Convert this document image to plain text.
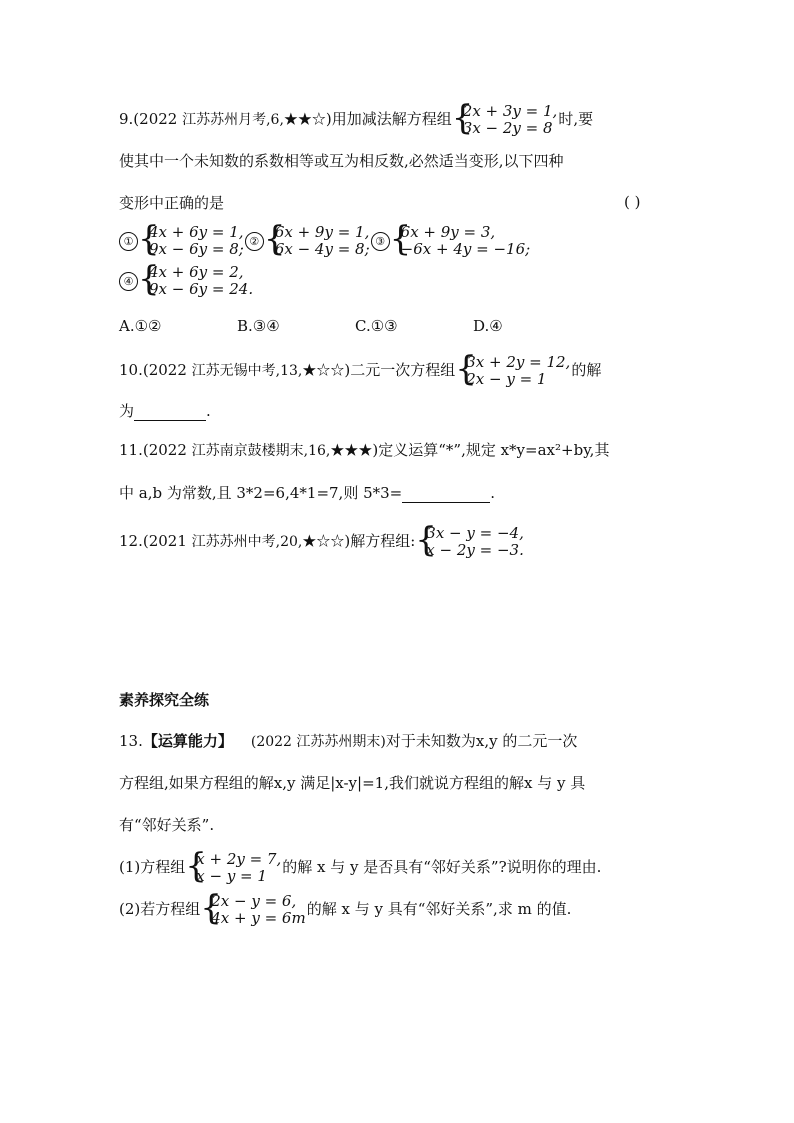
9.(2022 江苏苏州月考,6,★★☆)用加减法解方程组 { 2x + 3y = 1,
3x − 2y = 8 时,要
使其中一个未知数的系数相等或互为相反数,必然适当变形,以下四种
变形中正确的是	( )
① { 4x + 6y = 1,
9x − 6y = 8; ② { 6x + 9y = 1,
6x − 4y = 8; ③ { 6x + 9y = 3,
−6x + 4y = −16;
④ { 4x + 6y = 2,
9x − 6y = 24.
A.①②	B.③④	C.①③	D.④
10.(2022 江苏无锡中考,13,★☆☆)二元一次方程组 { 3x + 2y = 12,
2x − y = 1	的解
为	.
11.(2022 江苏南京鼓楼期末,16,★★★)定义运算“*”,规定 x*y=ax²+by,其
中 a,b 为常数,且 3*2=6,4*1=7,则 5*3=	.
12.(2021 江苏苏州中考,20,★☆☆)解方程组: { 3x − y = −4,
x − 2y = −3.
素养探究全练
13.【运算能力】 (2022 江苏苏州期末)对于未知数为x,y 的二元一次
方程组,如果方程组的解x,y 满足|x-y|=1,我们就说方程组的解x 与 y 具
有“邻好关系”.
(1)方程组 { x + 2y = 7,
x − y = 1	的解 x 与 y 是否具有“邻好关系”?说明你的理由.
(2)若方程组 { 2x − y = 6,
4x + y = 6m 的解 x 与 y 具有“邻好关系”,求 m 的值.
